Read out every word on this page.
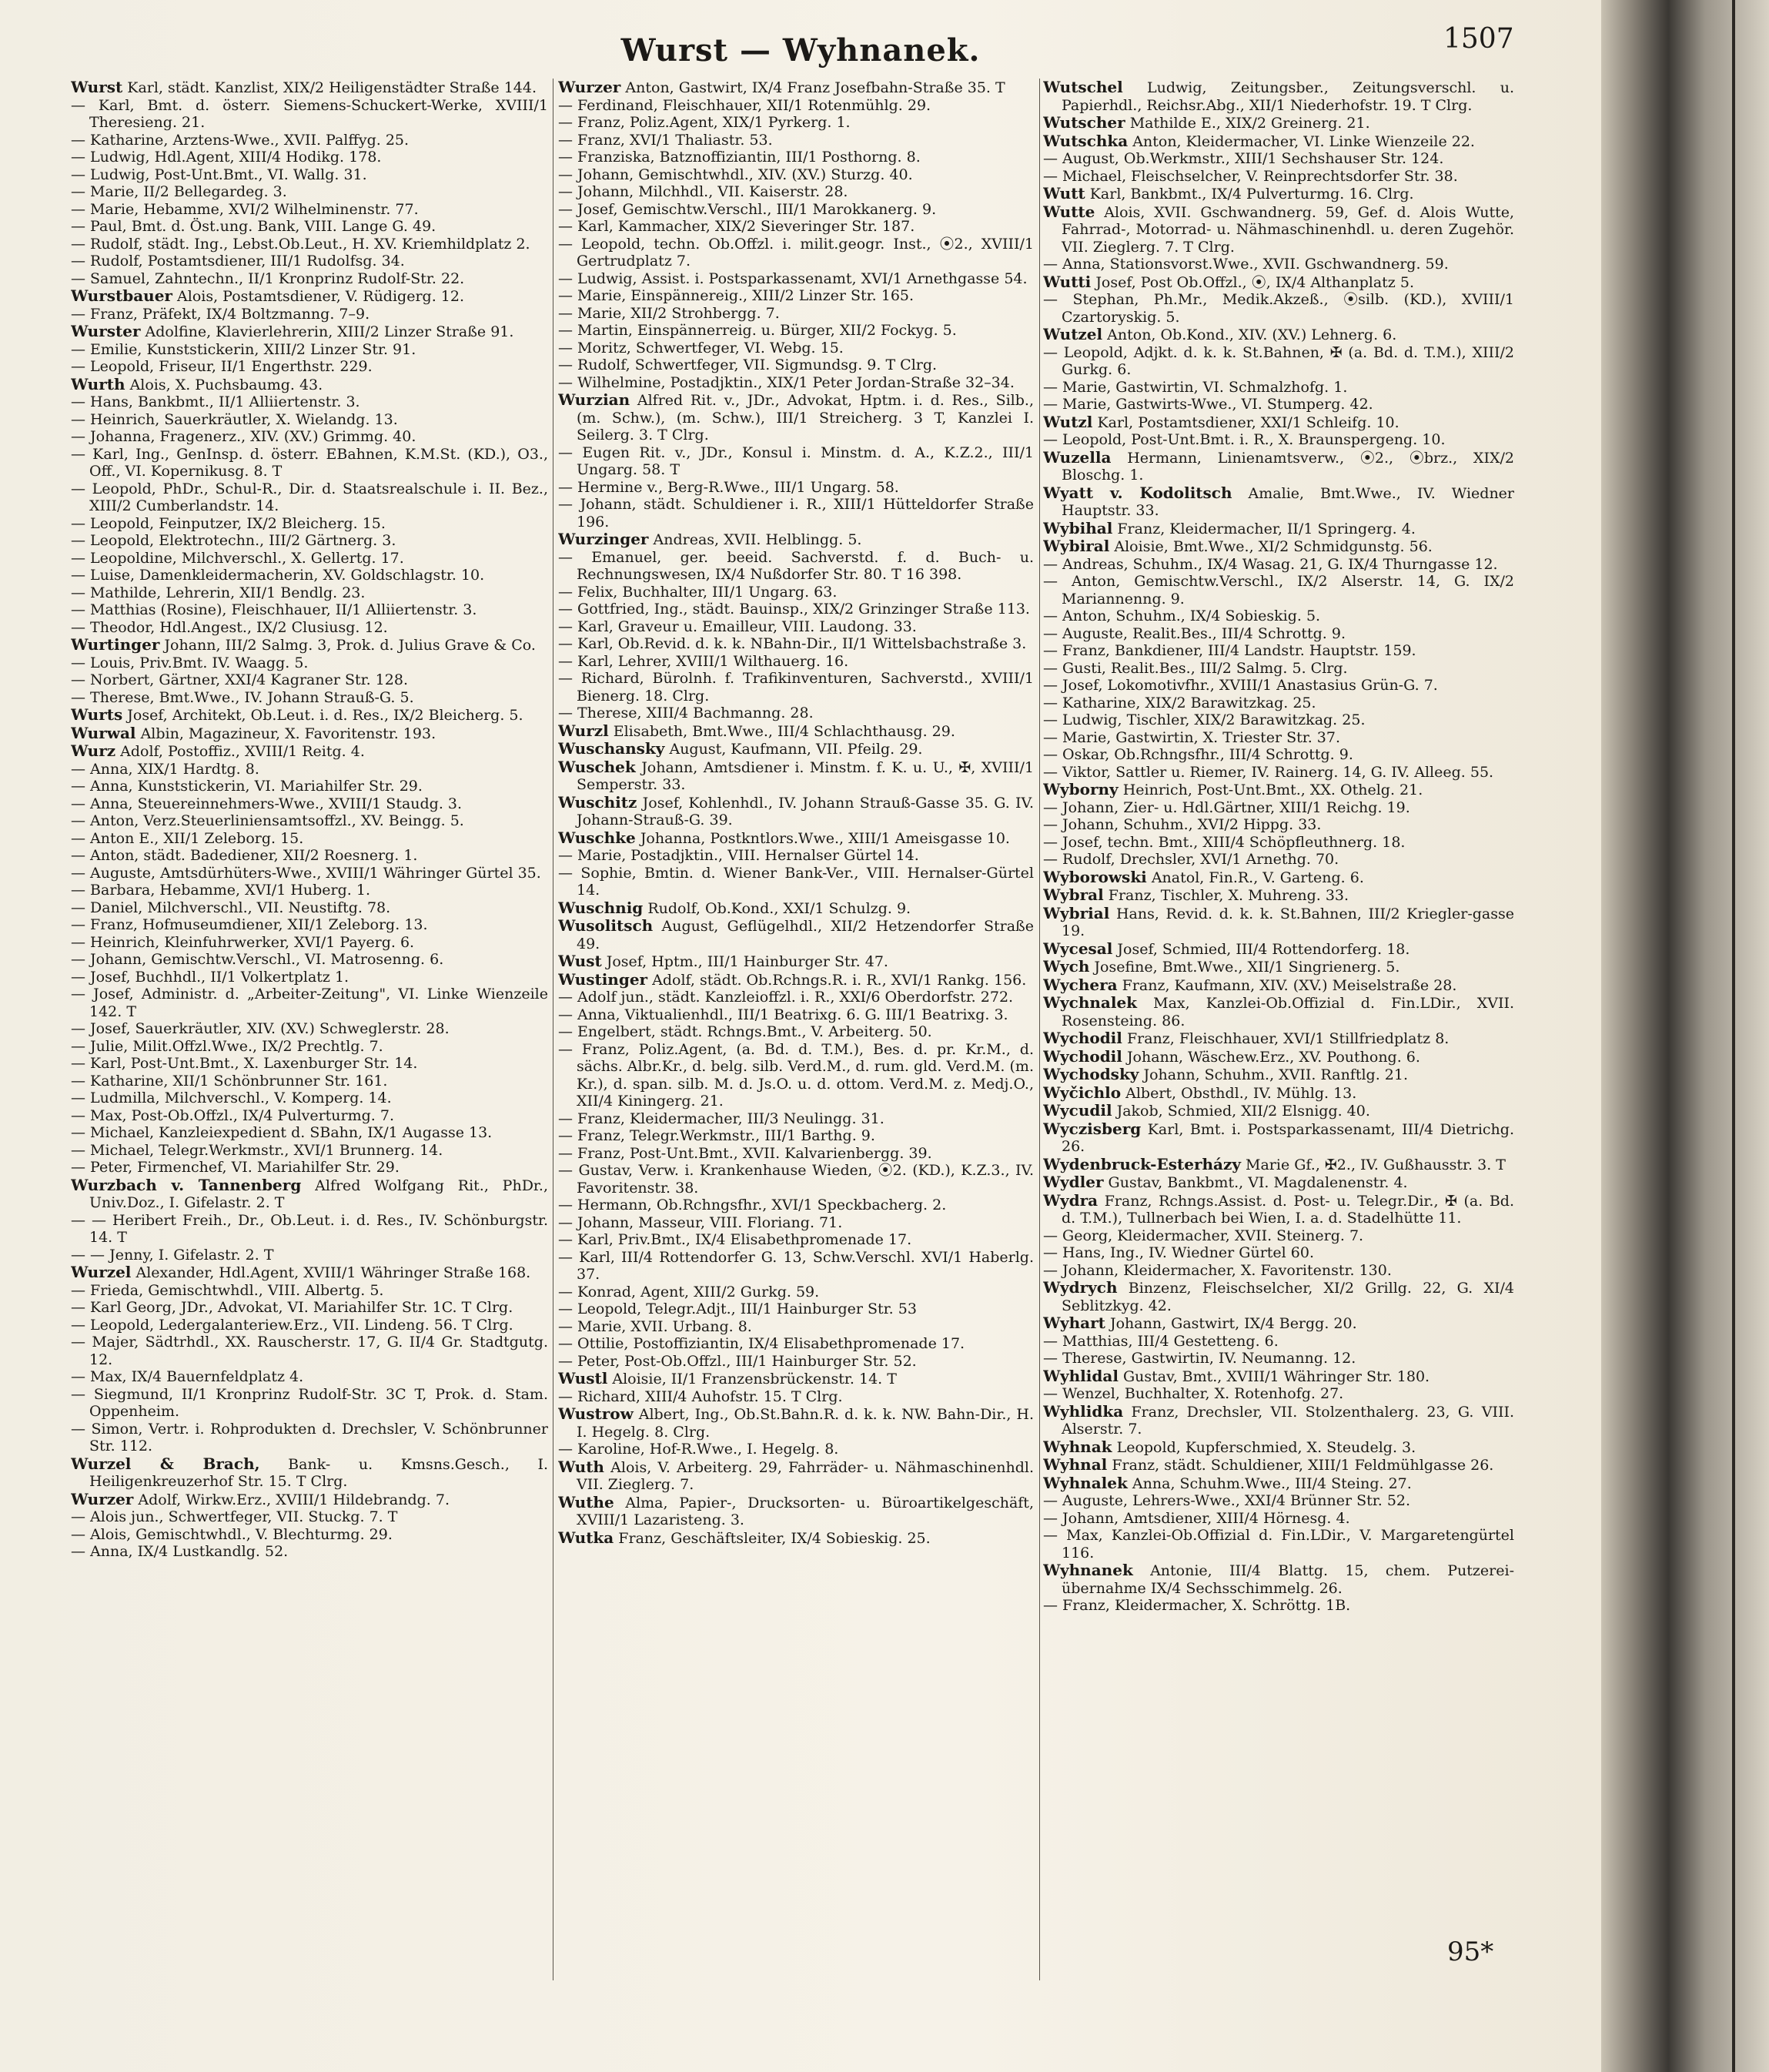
Wurst — Wyhnanek.	1507

Wurst Karl, städt. Kanzlist, XIX/2 Heiligenstädter Straße 144.

— Karl, Bmt. d. österr. Siemens-Schuckert-Werke, XVIII/1 Theresieng. 21.

— Katharine, Arztens-Wwe., XVII. Palffyg. 25.

— Ludwig, Hdl.Agent, XIII/4 Hodikg. 178.

— Ludwig, Post-Unt.Bmt., VI. Wallg. 31.

— Marie, II/2 Bellegardeg. 3.

— Marie, Hebamme, XVI/2 Wilhelminenstr. 77.

— Paul, Bmt. d. Öst.ung. Bank, VIII. Lange G. 49.

— Rudolf, städt. Ing., Lebst.Ob.Leut., H. XV. Kriemhildplatz 2.

— Rudolf, Postamtsdiener, III/1 Rudolfsg. 34.

— Samuel, Zahntechn., II/1 Kronprinz Rudolf-Str. 22.

Wurstbauer Alois, Postamtsdiener, V. Rüdigerg. 12.

— Franz, Präfekt, IX/4 Boltzmanng. 7–9.

Wurster Adolfine, Klavierlehrerin, XIII/2 Linzer Straße 91.

— Emilie, Kunststickerin, XIII/2 Linzer Str. 91.

— Leopold, Friseur, II/1 Engerthstr. 229.

Wurth Alois, X. Puchsbaumg. 43.

— Hans, Bankbmt., II/1 Alliiertenstr. 3.

— Heinrich, Sauerkräutler, X. Wielandg. 13.

— Johanna, Fragenerz., XIV. (XV.) Grimmg. 40.

— Karl, Ing., GenInsp. d. österr. EBahnen, K.M.St. (KD.), O3., Off., VI. Kopernikusg. 8. T

— Leopold, PhDr., Schul-R., Dir. d. Staatsrealschule i. II. Bez., XIII/2 Cumberlandstr. 14.

— Leopold, Feinputzer, IX/2 Bleicherg. 15.

— Leopold, Elektrotechn., III/2 Gärtnerg. 3.

— Leopoldine, Milchverschl., X. Gellertg. 17.

— Luise, Damenkleidermacherin, XV. Goldschlagstr. 10.

— Mathilde, Lehrerin, XII/1 Bendlg. 23.

— Matthias (Rosine), Fleischhauer, II/1 Alliiertenstr. 3.

— Theodor, Hdl.Angest., IX/2 Clusiusg. 12.

Wurtinger Johann, III/2 Salmg. 3, Prok. d. Julius Grave & Co.

— Louis, Priv.Bmt. IV. Waagg. 5.

— Norbert, Gärtner, XXI/4 Kagraner Str. 128.

— Therese, Bmt.Wwe., IV. Johann Strauß-G. 5.

Wurts Josef, Architekt, Ob.Leut. i. d. Res., IX/2 Bleicherg. 5.

Wurwal Albin, Magazineur, X. Favoritenstr. 193.

Wurz Adolf, Postoffiz., XVIII/1 Reitg. 4.

— Anna, XIX/1 Hardtg. 8.

— Anna, Kunststickerin, VI. Mariahilfer Str. 29.

— Anna, Steuereinnehmers-Wwe., XVIII/1 Staudg. 3.

— Anton, Verz.Steuerliniensamtsoffzl., XV. Beingg. 5.

— Anton E., XII/1 Zeleborg. 15.

— Anton, städt. Badediener, XII/2 Roesnerg. 1.

— Auguste, Amtsdürhüters-Wwe., XVIII/1 Währinger Gürtel 35.

— Barbara, Hebamme, XVI/1 Huberg. 1.

— Daniel, Milchverschl., VII. Neustiftg. 78.

— Franz, Hofmuseumdiener, XII/1 Zeleborg. 13.

— Heinrich, Kleinfuhrwerker, XVI/1 Payerg. 6.

— Johann, Gemischtw.Verschl., VI. Matrosenng. 6.

— Josef, Buchhdl., II/1 Volkertplatz 1.

— Josef, Administr. d. „Arbeiter-Zeitung", VI. Linke Wienzeile 142. T

— Josef, Sauerkräutler, XIV. (XV.) Schweglerstr. 28.

— Julie, Milit.Offzl.Wwe., IX/2 Prechtlg. 7.

— Karl, Post-Unt.Bmt., X. Laxenburger Str. 14.

— Katharine, XII/1 Schönbrunner Str. 161.

— Ludmilla, Milchverschl., V. Komperg. 14.

— Max, Post-Ob.Offzl., IX/4 Pulverturmg. 7.

— Michael, Kanzleiexpedient d. SBahn, IX/1 Augasse 13.

— Michael, Telegr.Werkmstr., XVI/1 Brunnerg. 14.

— Peter, Firmenchef, VI. Mariahilfer Str. 29.

Wurzbach v. Tannenberg Alfred Wolfgang Rit., PhDr., Univ.Doz., I. Gifelastr. 2. T

— — Heribert Freih., Dr., Ob.Leut. i. d. Res., IV. Schönburgstr. 14. T

— — Jenny, I. Gifelastr. 2. T

Wurzel Alexander, Hdl.Agent, XVIII/1 Währinger Straße 168.

— Frieda, Gemischtwhdl., VIII. Albertg. 5.

— Karl Georg, JDr., Advokat, VI. Mariahilfer Str. 1C. T Clrg.

— Leopold, Ledergalanteriew.Erz., VII. Lindeng. 56. T Clrg.

— Majer, Sädtrhdl., XX. Rauscherstr. 17, G. II/4 Gr. Stadtgutg. 12.

— Max, IX/4 Bauernfeldplatz 4.

— Siegmund, II/1 Kronprinz Rudolf-Str. 3C T, Prok. d. Stam. Oppenheim.

— Simon, Vertr. i. Rohprodukten d. Drechsler, V. Schönbrunner Str. 112.

Wurzel & Brach, Bank- u. Kmsns.Gesch., I. Heiligenkreuzerhof Str. 15. T Clrg.

Wurzer Adolf, Wirkw.Erz., XVIII/1 Hildebrandg. 7.

— Alois jun., Schwertfeger, VII. Stuckg. 7. T

— Alois, Gemischtwhdl., V. Blechturmg. 29.

— Anna, IX/4 Lustkandlg. 52.

Wurzer Anton, Gastwirt, IX/4 Franz Josefbahn-Straße 35. T

— Ferdinand, Fleischhauer, XII/1 Rotenmühlg. 29.

— Franz, Poliz.Agent, XIX/1 Pyrkerg. 1.

— Franz, XVI/1 Thaliastr. 53.

— Franziska, Batznoffiziantin, III/1 Posthorng. 8.

— Johann, Gemischtwhdl., XIV. (XV.) Sturzg. 40.

— Johann, Milchhdl., VII. Kaiserstr. 28.

— Josef, Gemischtw.Verschl., III/1 Marokkanerg. 9.

— Karl, Kammacher, XIX/2 Sieveringer Str. 187.

— Leopold, techn. Ob.Offzl. i. milit.geogr. Inst., ⦿2., XVIII/1 Gertrudplatz 7.

— Ludwig, Assist. i. Postsparkassenamt, XVI/1 Arnethgasse 54.

— Marie, Einspännereig., XIII/2 Linzer Str. 165.

— Marie, XII/2 Strohbergg. 7.

— Martin, Einspännerreig. u. Bürger, XII/2 Fockyg. 5.

— Moritz, Schwertfeger, VI. Webg. 15.

— Rudolf, Schwertfeger, VII. Sigmundsg. 9. T Clrg.

— Wilhelmine, Postadjktin., XIX/1 Peter Jordan-Straße 32–34.

Wurzian Alfred Rit. v., JDr., Advokat, Hptm. i. d. Res., Silb., (m. Schw.), (m. Schw.), III/1 Streicherg. 3 T, Kanzlei I. Seilerg. 3. T Clrg.

— Eugen Rit. v., JDr., Konsul i. Minstm. d. A., K.Z.2., III/1 Ungarg. 58. T

— Hermine v., Berg-R.Wwe., III/1 Ungarg. 58.

— Johann, städt. Schuldiener i. R., XIII/1 Hütteldorfer Straße 196.

Wurzinger Andreas, XVII. Helblingg. 5.

— Emanuel, ger. beeid. Sachverstd. f. d. Buch- u. Rechnungswesen, IX/4 Nußdorfer Str. 80. T 16 398.

— Felix, Buchhalter, III/1 Ungarg. 63.

— Gottfried, Ing., städt. Bauinsp., XIX/2 Grinzinger Straße 113.

— Karl, Graveur u. Emailleur, VIII. Laudong. 33.

— Karl, Ob.Revid. d. k. k. NBahn-Dir., II/1 Wittelsbachstraße 3.

— Karl, Lehrer, XVIII/1 Wilthauerg. 16.

— Richard, Bürolnh. f. Trafikinventuren, Sachverstd., XVIII/1 Bienerg. 18. Clrg.

— Therese, XIII/4 Bachmanng. 28.

Wurzl Elisabeth, Bmt.Wwe., III/4 Schlachthausg. 29.

Wuschansky August, Kaufmann, VII. Pfeilg. 29.

Wuschek Johann, Amtsdiener i. Minstm. f. K. u. U., ✠, XVIII/1 Semperstr. 33.

Wuschitz Josef, Kohlenhdl., IV. Johann Strauß-Gasse 35. G. IV. Johann-Strauß-G. 39.

Wuschke Johanna, Postkntlors.Wwe., XIII/1 Ameisgasse 10.

— Marie, Postadjktin., VIII. Hernalser Gürtel 14.

— Sophie, Bmtin. d. Wiener Bank-Ver., VIII. Hernalser-Gürtel 14.

Wuschnig Rudolf, Ob.Kond., XXI/1 Schulzg. 9.

Wusolitsch August, Geflügelhdl., XII/2 Hetzendorfer Straße 49.

Wust Josef, Hptm., III/1 Hainburger Str. 47.

Wustinger Adolf, städt. Ob.Rchngs.R. i. R., XVI/1 Rankg. 156.

— Adolf jun., städt. Kanzleioffzl. i. R., XXI/6 Oberdorfstr. 272.

— Anna, Viktualienhdl., III/1 Beatrixg. 6. G. III/1 Beatrixg. 3.

— Engelbert, städt. Rchngs.Bmt., V. Arbeiterg. 50.

— Franz, Poliz.Agent, (a. Bd. d. T.M.), Bes. d. pr. Kr.M., d. sächs. Albr.Kr., d. belg. silb. Verd.M., d. rum. gld. Verd.M. (m. Kr.), d. span. silb. M. d. Js.O. u. d. ottom. Verd.M. z. Medj.O., XII/4 Kiningerg. 21.

— Franz, Kleidermacher, III/3 Neulingg. 31.

— Franz, Telegr.Werkmstr., III/1 Barthg. 9.

— Franz, Post-Unt.Bmt., XVII. Kalvarienbergg. 39.

— Gustav, Verw. i. Krankenhause Wieden, ⦿2. (KD.), K.Z.3., IV. Favoritenstr. 38.

— Hermann, Ob.Rchngsfhr., XVI/1 Speckbacherg. 2.

— Johann, Masseur, VIII. Floriang. 71.

— Karl, Priv.Bmt., IX/4 Elisabethpromenade 17.

— Karl, III/4 Rottendorfer G. 13, Schw.Verschl. XVI/1 Haberlg. 37.

— Konrad, Agent, XIII/2 Gurkg. 59.

— Leopold, Telegr.Adjt., III/1 Hainburger Str. 53

— Marie, XVII. Urbang. 8.

— Ottilie, Postoffiziantin, IX/4 Elisabethpromenade 17.

— Peter, Post-Ob.Offzl., III/1 Hainburger Str. 52.

Wustl Aloisie, II/1 Franzensbrückenstr. 14. T

— Richard, XIII/4 Auhofstr. 15. T Clrg.

Wustrow Albert, Ing., Ob.St.Bahn.R. d. k. k. NW. Bahn-Dir., H. I. Hegelg. 8. Clrg.

— Karoline, Hof-R.Wwe., I. Hegelg. 8.

Wuth Alois, V. Arbeiterg. 29, Fahrräder- u. Nähmaschinenhdl. VII. Zieglerg. 7.

Wuthe Alma, Papier-, Drucksorten- u. Büroartikelgeschäft, XVIII/1 Lazaristeng. 3.

Wutka Franz, Geschäftsleiter, IX/4 Sobieskig. 25.

Wutschel Ludwig, Zeitungsber., Zeitungsverschl. u. Papierhdl., Reichsr.Abg., XII/1 Niederhofstr. 19. T Clrg.

Wutscher Mathilde E., XIX/2 Greinerg. 21.

Wutschka Anton, Kleidermacher, VI. Linke Wienzeile 22.

— August, Ob.Werkmstr., XIII/1 Sechshauser Str. 124.

— Michael, Fleischselcher, V. Reinprechtsdorfer Str. 38.

Wutt Karl, Bankbmt., IX/4 Pulverturmg. 16. Clrg.

Wutte Alois, XVII. Gschwandnerg. 59, Gef. d. Alois Wutte, Fahrrad-, Motorrad- u. Nähmaschinenhdl. u. deren Zugehör. VII. Zieglerg. 7. T Clrg.

— Anna, Stationsvorst.Wwe., XVII. Gschwandnerg. 59.

Wutti Josef, Post Ob.Offzl., ⦿, IX/4 Althanplatz 5.

— Stephan, Ph.Mr., Medik.Akzeß., ⦿silb. (KD.), XVIII/1 Czartoryskig. 5.

Wutzel Anton, Ob.Kond., XIV. (XV.) Lehnerg. 6.

— Leopold, Adjkt. d. k. k. St.Bahnen, ✠ (a. Bd. d. T.M.), XIII/2 Gurkg. 6.

— Marie, Gastwirtin, VI. Schmalzhofg. 1.

— Marie, Gastwirts-Wwe., VI. Stumperg. 42.

Wutzl Karl, Postamtsdiener, XXI/1 Schleifg. 10.

— Leopold, Post-Unt.Bmt. i. R., X. Braunspergeng. 10.

Wuzella Hermann, Linienamtsverw., ⦿2., ⦿brz., XIX/2 Bloschg. 1.

Wyatt v. Kodolitsch Amalie, Bmt.Wwe., IV. Wiedner Hauptstr. 33.

Wybihal Franz, Kleidermacher, II/1 Springerg. 4.

Wybiral Aloisie, Bmt.Wwe., XI/2 Schmidgunstg. 56.

— Andreas, Schuhm., IX/4 Wasag. 21, G. IX/4 Thurngasse 12.

— Anton, Gemischtw.Verschl., IX/2 Alserstr. 14, G. IX/2 Mariannenng. 9.

— Anton, Schuhm., IX/4 Sobieskig. 5.

— Auguste, Realit.Bes., III/4 Schrottg. 9.

— Franz, Bankdiener, III/4 Landstr. Hauptstr. 159.

— Gusti, Realit.Bes., III/2 Salmg. 5. Clrg.

— Josef, Lokomotivfhr., XVIII/1 Anastasius Grün-G. 7.

— Katharine, XIX/2 Barawitzkag. 25.

— Ludwig, Tischler, XIX/2 Barawitzkag. 25.

— Marie, Gastwirtin, X. Triester Str. 37.

— Oskar, Ob.Rchngsfhr., III/4 Schrottg. 9.

— Viktor, Sattler u. Riemer, IV. Rainerg. 14, G. IV. Alleeg. 55.

Wyborny Heinrich, Post-Unt.Bmt., XX. Othelg. 21.

— Johann, Zier- u. Hdl.Gärtner, XIII/1 Reichg. 19.

— Johann, Schuhm., XVI/2 Hippg. 33.

— Josef, techn. Bmt., XIII/4 Schöpfleuthnerg. 18.

— Rudolf, Drechsler, XVI/1 Arnethg. 70.

Wyborowski Anatol, Fin.R., V. Garteng. 6.

Wybral Franz, Tischler, X. Muhreng. 33.

Wybrial Hans, Revid. d. k. k. St.Bahnen, III/2 Kriegler-gasse 19.

Wycesal Josef, Schmied, III/4 Rottendorferg. 18.

Wych Josefine, Bmt.Wwe., XII/1 Singrienerg. 5.

Wychera Franz, Kaufmann, XIV. (XV.) Meiselstraße 28.

Wychnalek Max, Kanzlei-Ob.Offizial d. Fin.LDir., XVII. Rosensteing. 86.

Wychodil Franz, Fleischhauer, XVI/1 Stillfriedplatz 8.

Wychodil Johann, Wäschew.Erz., XV. Pouthong. 6.

Wychodsky Johann, Schuhm., XVII. Ranftlg. 21.

Wyčichlo Albert, Obsthdl., IV. Mühlg. 13.

Wycudil Jakob, Schmied, XII/2 Elsnigg. 40.

Wyczisberg Karl, Bmt. i. Postsparkassenamt, III/4 Dietrichg. 26.

Wydenbruck-Esterházy Marie Gf., ✠2., IV. Gußhausstr. 3. T

Wydler Gustav, Bankbmt., VI. Magdalenenstr. 4.

Wydra Franz, Rchngs.Assist. d. Post- u. Telegr.Dir., ✠ (a. Bd. d. T.M.), Tullnerbach bei Wien, I. a. d. Stadelhütte 11.

— Georg, Kleidermacher, XVII. Steinerg. 7.

— Hans, Ing., IV. Wiedner Gürtel 60.

— Johann, Kleidermacher, X. Favoritenstr. 130.

Wydrych Binzenz, Fleischselcher, XI/2 Grillg. 22, G. XI/4 Seblitzkyg. 42.

Wyhart Johann, Gastwirt, IX/4 Bergg. 20.

— Matthias, III/4 Gestetteng. 6.

— Therese, Gastwirtin, IV. Neumanng. 12.

Wyhlidal Gustav, Bmt., XVIII/1 Währinger Str. 180.

— Wenzel, Buchhalter, X. Rotenhofg. 27.

Wyhlidka Franz, Drechsler, VII. Stolzenthalerg. 23, G. VIII. Alserstr. 7.

Wyhnak Leopold, Kupferschmied, X. Steudelg. 3.

Wyhnal Franz, städt. Schuldiener, XIII/1 Feldmühlgasse 26.

Wyhnalek Anna, Schuhm.Wwe., III/4 Steing. 27.

— Auguste, Lehrers-Wwe., XXI/4 Brünner Str. 52.

— Johann, Amtsdiener, XIII/4 Hörnesg. 4.

— Max, Kanzlei-Ob.Offizial d. Fin.LDir., V. Margaretengürtel 116.

Wyhnanek Antonie, III/4 Blattg. 15, chem. Putzerei-übernahme IX/4 Sechsschimmelg. 26.

— Franz, Kleidermacher, X. Schröttg. 1B.

95*
